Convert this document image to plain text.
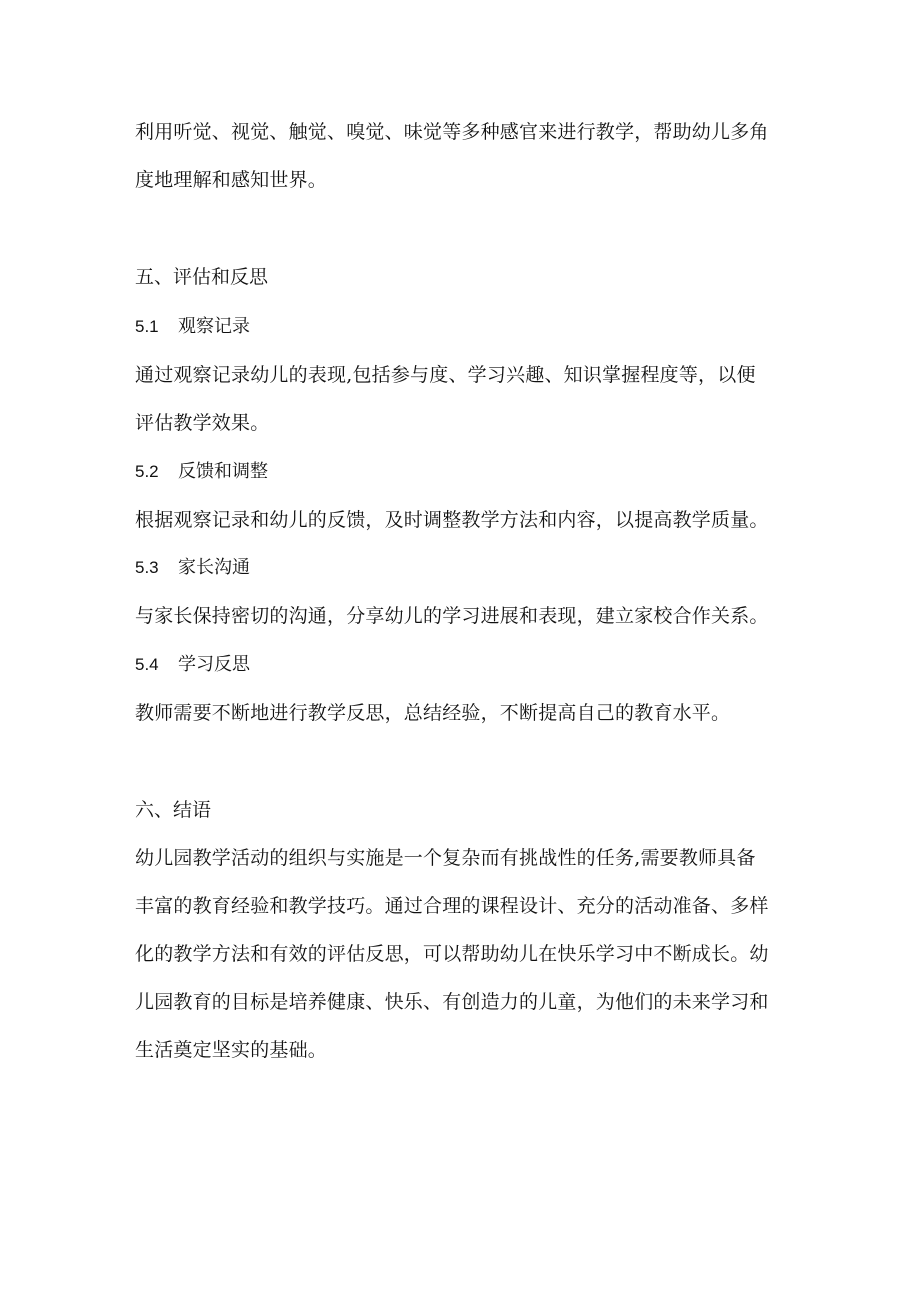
利用听觉、视觉、触觉、嗅觉、味觉等多种感官来进行教学，帮助幼儿多角
度地理解和感知世界。
五、评估和反思
5.1 观察记录
通过观察记录幼儿的表现,包括参与度、学习兴趣、知识掌握程度等，以便
评估教学效果。
5.2 反馈和调整
根据观察记录和幼儿的反馈，及时调整教学方法和内容，以提高教学质量。
5.3 家长沟通
与家长保持密切的沟通，分享幼儿的学习进展和表现，建立家校合作关系。
5.4 学习反思
教师需要不断地进行教学反思，总结经验，不断提高自己的教育水平。
六、结语
幼儿园教学活动的组织与实施是一个复杂而有挑战性的任务,需要教师具备
丰富的教育经验和教学技巧。通过合理的课程设计、充分的活动准备、多样
化的教学方法和有效的评估反思，可以帮助幼儿在快乐学习中不断成长。幼
儿园教育的目标是培养健康、快乐、有创造力的儿童，为他们的未来学习和
生活奠定坚实的基础。
